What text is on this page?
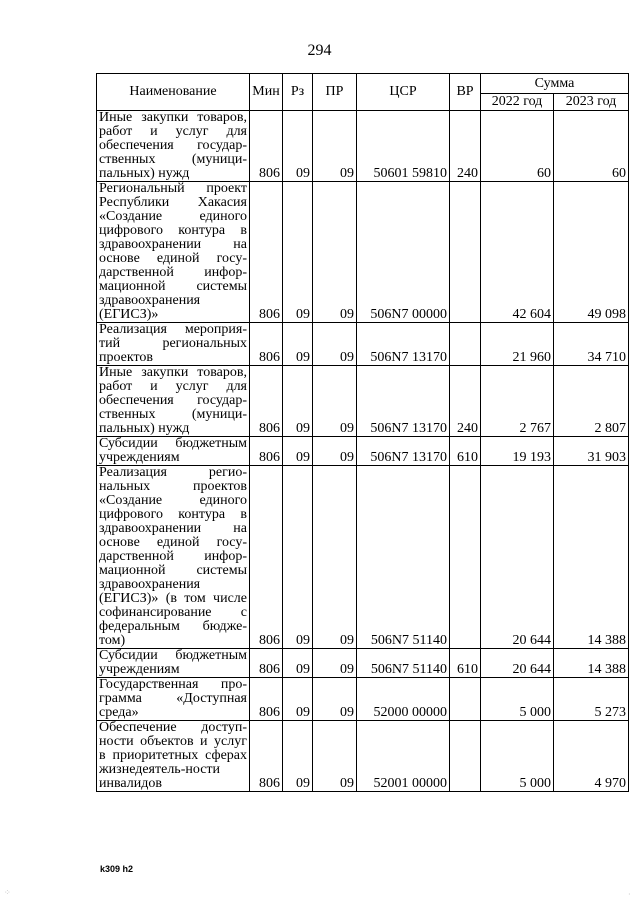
294
Наименование	Мин	Рз	ПР	ЦСР	ВР	Сумма	
						2022 год	2023 год
Иные закупки товаров, работ и услуг для обеспечения государ-ственных (муници-пальных) нужд	806	09	09	50601 59810	240	60	60
Региональный проект Республики Хакасия «Создание единого цифрового контура в здравоохранении на основе единой госу-дарственной инфор-мационной системы здравоохранения (ЕГИСЗ)»	806	09	09	506N7 00000		42 604	49 098
Реализация мероприя-тий региональных проектов	806	09	09	506N7 13170		21 960	34 710
Иные закупки товаров, работ и услуг для обеспечения государ-ственных (муници-пальных) нужд	806	09	09	506N7 13170	240	2 767	2 807
Субсидии бюджетным учреждениям	806	09	09	506N7 13170	610	19 193	31 903
Реализация регио-нальных проектов «Создание единого цифрового контура в здравоохранении на основе единой госу-дарственной инфор-мационной системы здравоохранения (ЕГИСЗ)» (в том числе софинансирование с федеральным бюдже-том)	806	09	09	506N7 51140		20 644	14 388
Субсидии бюджетным учреждениям	806	09	09	506N7 51140	610	20 644	14 388
Государственная про-грамма «Доступная среда»	806	09	09	52000 00000		5 000	5 273
Обеспечение доступ-ности объектов и услуг в приоритетных сферах жизнедеятель-ности инвалидов	806	09	09	52001 00000		5 000	4 970
k309 h2
⁘	·
